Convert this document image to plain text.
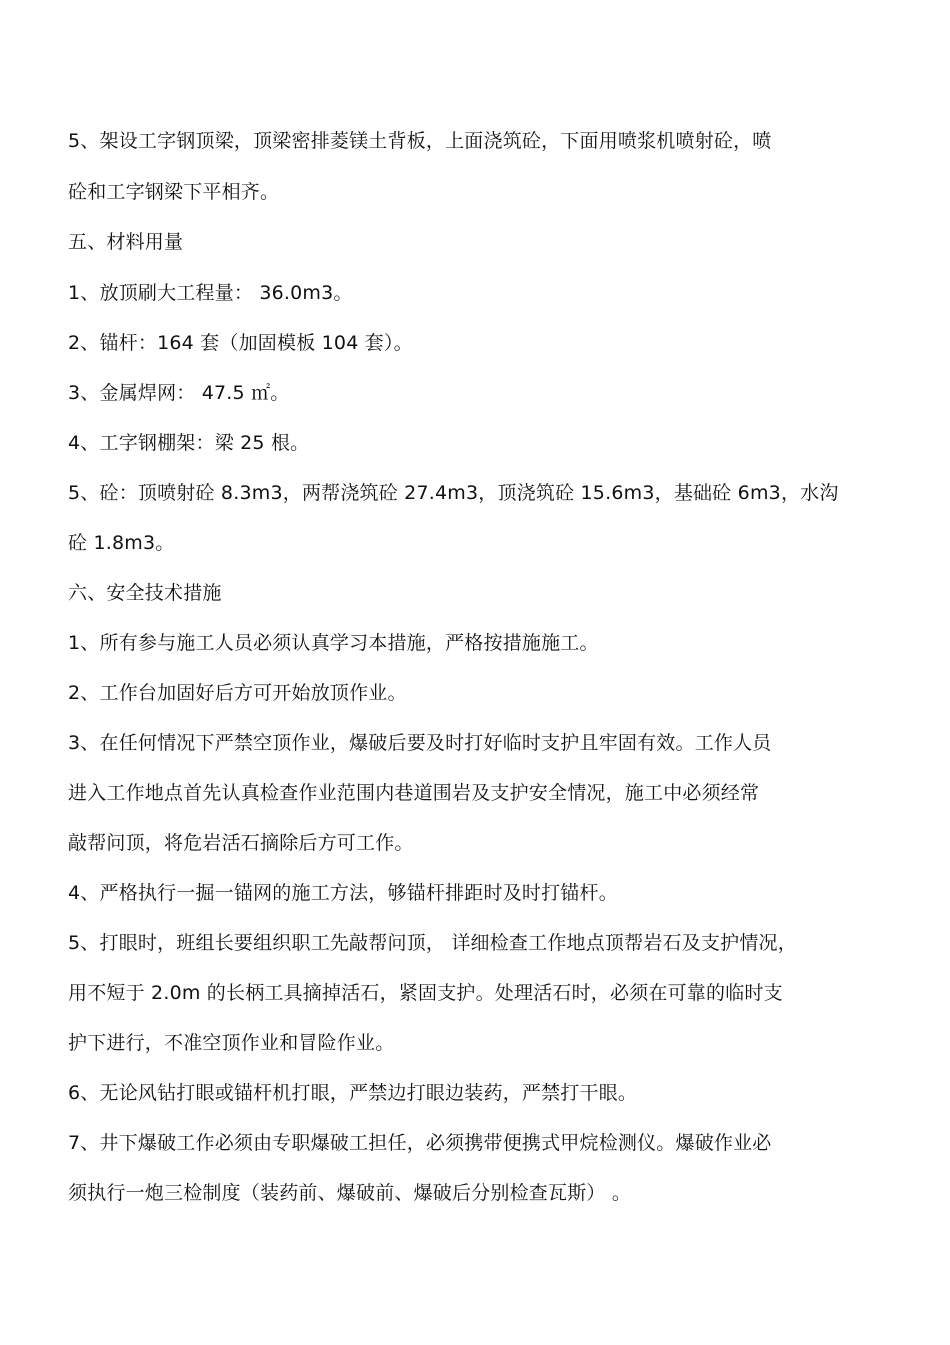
5、架设工字钢顶梁，顶梁密排菱镁土背板，上面浇筑砼，下面用喷浆机喷射砼，喷
砼和工字钢梁下平相齐。
五、材料用量
1、放顶刷大工程量： 36.0m3。
2、锚杆：164 套（加固模板 104 套）。
3、金属焊网： 47.5 ㎡。
4、工字钢棚架：梁 25 根。
5、砼：顶喷射砼 8.3m3，两帮浇筑砼 27.4m3，顶浇筑砼 15.6m3，基础砼 6m3，水沟
砼 1.8m3。
六、安全技术措施
1、所有参与施工人员必须认真学习本措施，严格按措施施工。
2、工作台加固好后方可开始放顶作业。
3、在任何情况下严禁空顶作业，爆破后要及时打好临时支护且牢固有效。工作人员
进入工作地点首先认真检查作业范围内巷道围岩及支护安全情况，施工中必须经常
敲帮问顶，将危岩活石摘除后方可工作。
4、严格执行一掘一锚网的施工方法，够锚杆排距时及时打锚杆。
5、打眼时，班组长要组织职工先敲帮问顶， 详细检查工作地点顶帮岩石及支护情况，
用不短于 2.0m 的长柄工具摘掉活石，紧固支护。处理活石时，必须在可靠的临时支
护下进行，不准空顶作业和冒险作业。
6、无论风钻打眼或锚杆机打眼，严禁边打眼边装药，严禁打干眼。
7、井下爆破工作必须由专职爆破工担任，必须携带便携式甲烷检测仪。爆破作业必
须执行一炮三检制度（装药前、爆破前、爆破后分别检查瓦斯） 。
